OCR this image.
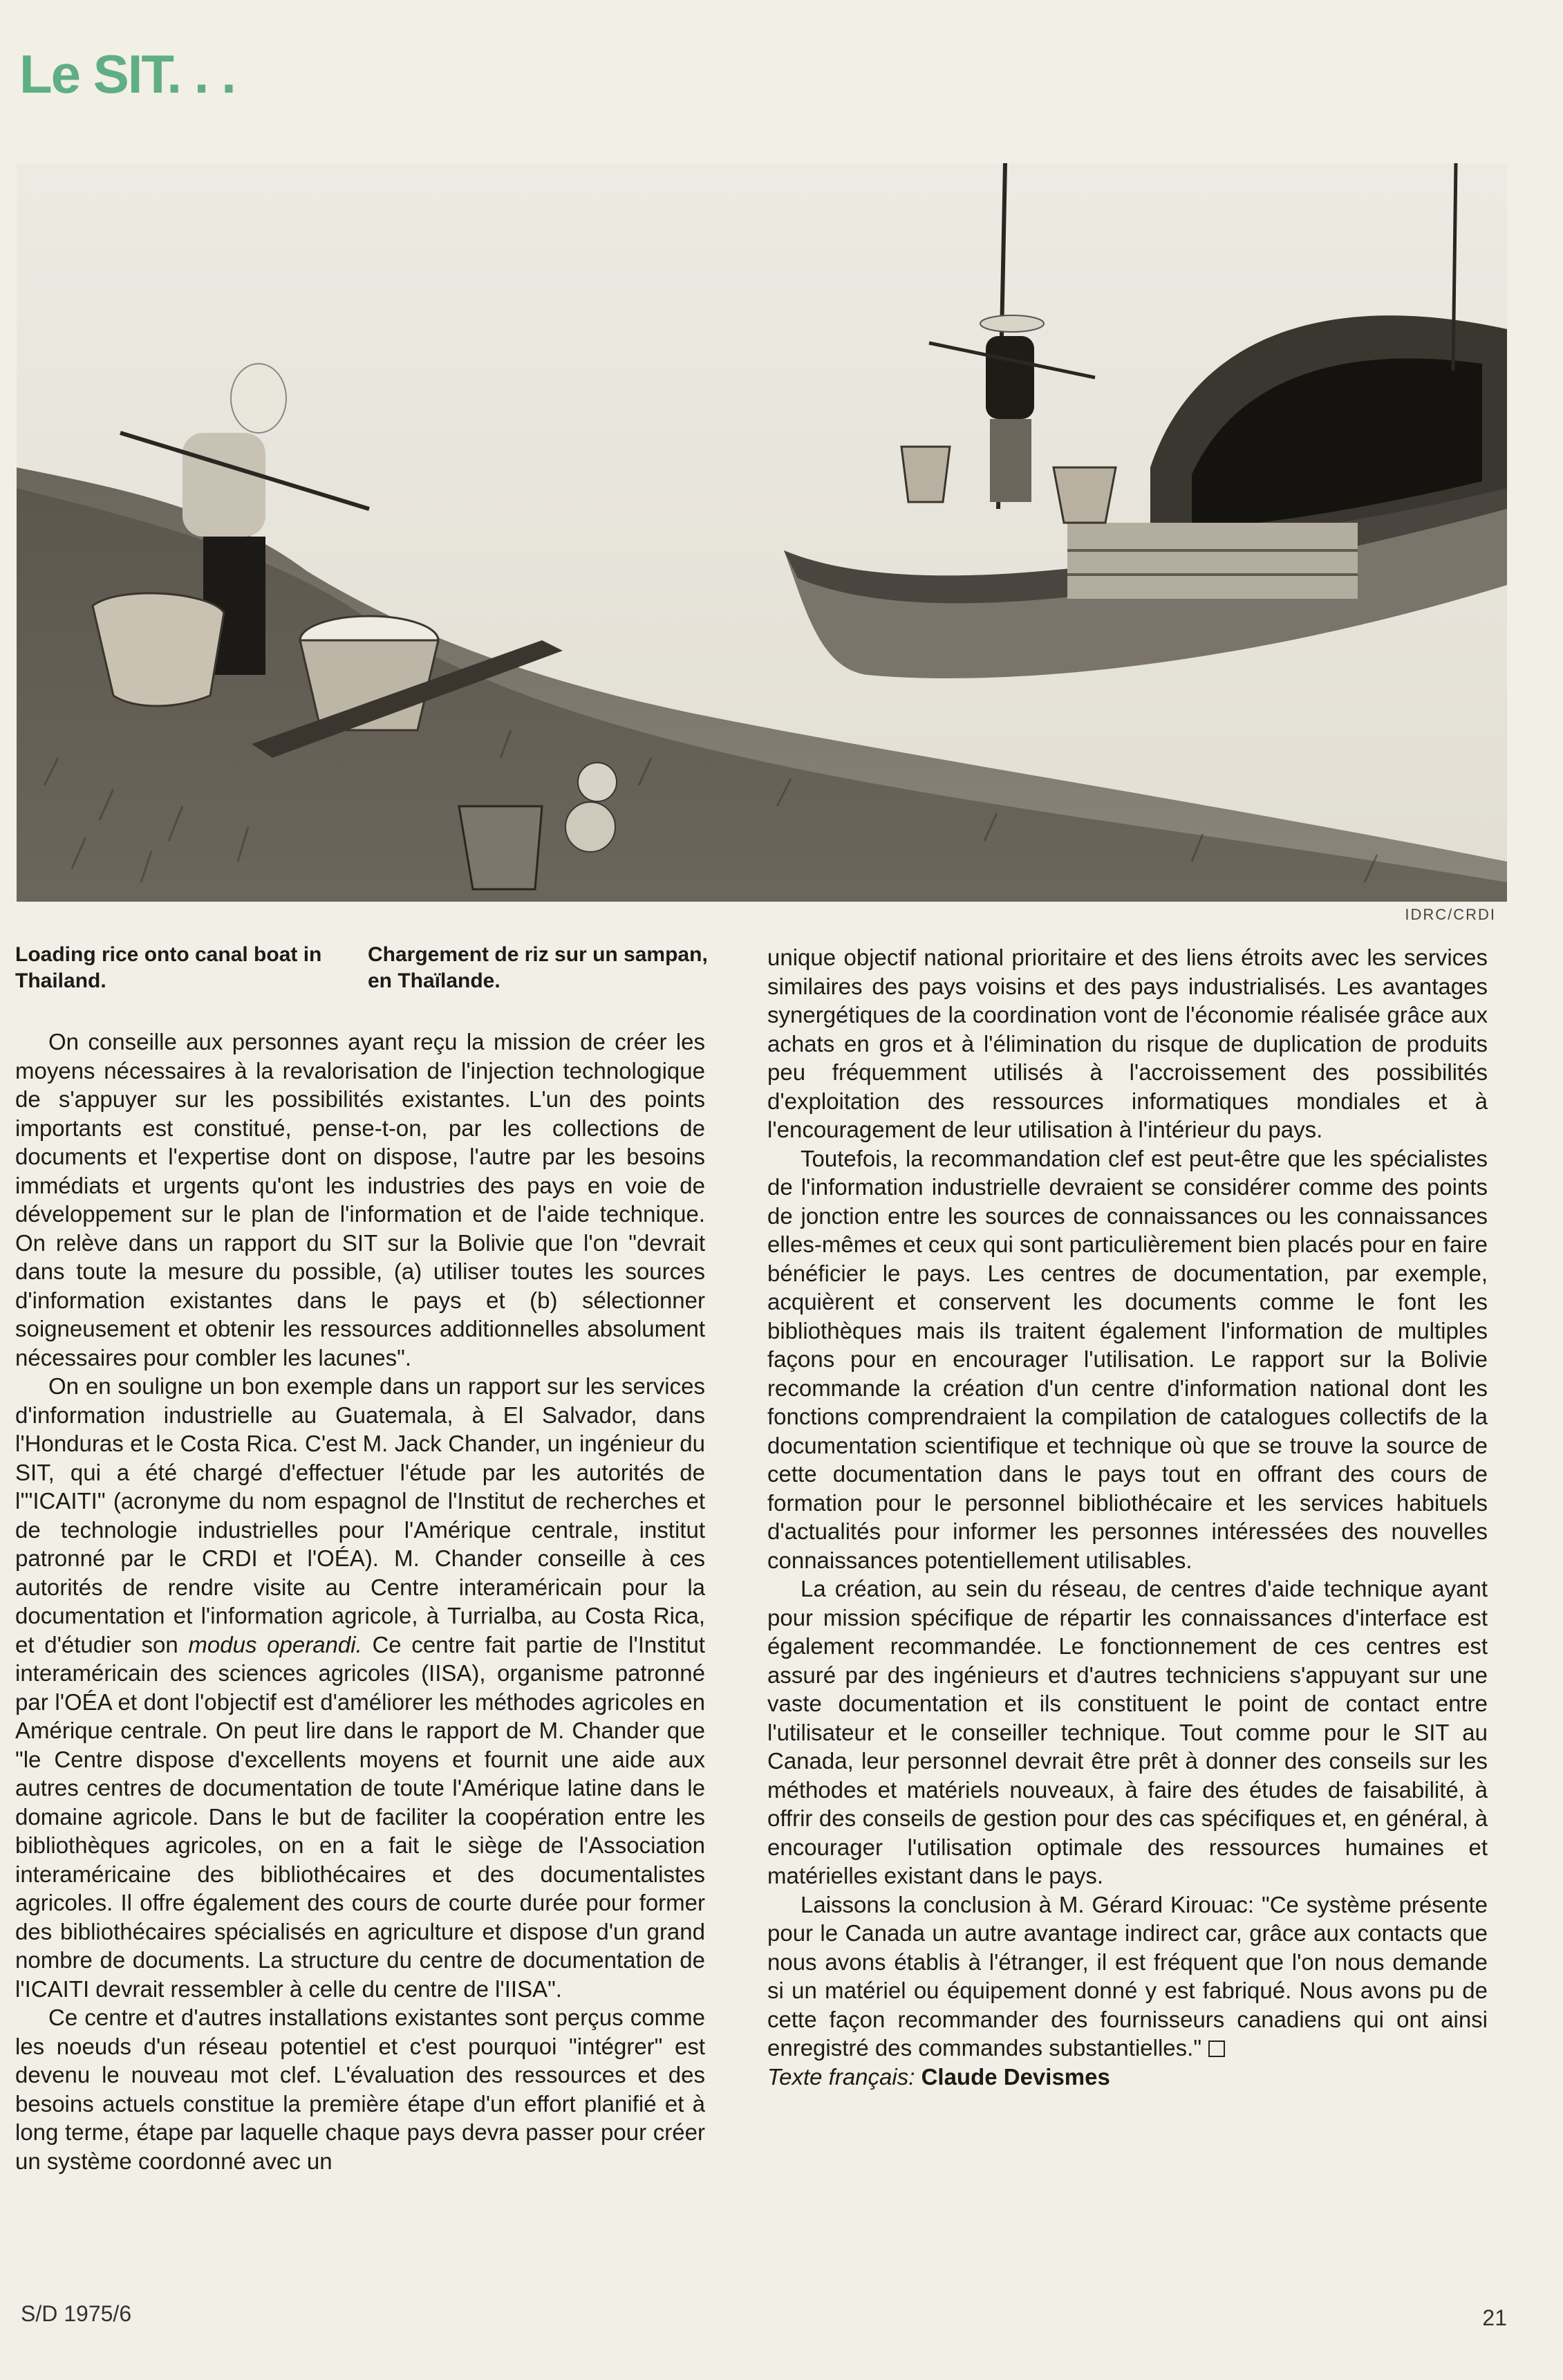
Le SIT. . .
IDRC/CRDI
Loading rice onto canal boat in Thailand.
Chargement de riz sur un sampan, en Thaïlande.

On conseille aux personnes ayant reçu la mission de créer les moyens nécessaires à la revalorisation de l'injection technologique de s'appuyer sur les possibilités existantes. L'un des points importants est constitué, pense-t-on, par les collections de documents et l'expertise dont on dispose, l'autre par les besoins immédiats et urgents qu'ont les industries des pays en voie de développement sur le plan de l'information et de l'aide technique. On relève dans un rapport du SIT sur la Bolivie que l'on "devrait dans toute la mesure du possible, (a) utiliser toutes les sources d'information existantes dans le pays et (b) sélectionner soigneusement et obtenir les ressources additionnelles absolument nécessaires pour combler les lacunes".

On en souligne un bon exemple dans un rapport sur les services d'information industrielle au Guatemala, à El Salvador, dans l'Honduras et le Costa Rica. C'est M. Jack Chander, un ingénieur du SIT, qui a été chargé d'effectuer l'étude par les autorités de l'"ICAITI" (acronyme du nom espagnol de l'Institut de recherches et de technologie industrielles pour l'Amérique centrale, institut patronné par le CRDI et l'OÉA). M. Chander conseille à ces autorités de rendre visite au Centre interaméricain pour la documentation et l'information agricole, à Turrialba, au Costa Rica, et d'étudier son modus operandi. Ce centre fait partie de l'Institut interaméricain des sciences agricoles (IISA), organisme patronné par l'OÉA et dont l'objectif est d'améliorer les méthodes agricoles en Amérique centrale. On peut lire dans le rapport de M. Chander que "le Centre dispose d'excellents moyens et fournit une aide aux autres centres de documentation de toute l'Amérique latine dans le domaine agricole. Dans le but de faciliter la coopération entre les bibliothèques agricoles, on en a fait le siège de l'Association interaméricaine des bibliothécaires et des documentalistes agricoles. Il offre également des cours de courte durée pour former des bibliothécaires spécialisés en agriculture et dispose d'un grand nombre de documents. La structure du centre de documentation de l'ICAITI devrait ressembler à celle du centre de l'IISA".

Ce centre et d'autres installations existantes sont perçus comme les noeuds d'un réseau potentiel et c'est pourquoi "intégrer" est devenu le nouveau mot clef. L'évaluation des ressources et des besoins actuels constitue la première étape d'un effort planifié et à long terme, étape par laquelle chaque pays devra passer pour créer un système coordonné avec un

unique objectif national prioritaire et des liens étroits avec les services similaires des pays voisins et des pays industrialisés. Les avantages synergétiques de la coordination vont de l'économie réalisée grâce aux achats en gros et à l'élimination du risque de duplication de produits peu fréquemment utilisés à l'accroissement des possibilités d'exploitation des ressources informatiques mondiales et à l'encouragement de leur utilisation à l'intérieur du pays.

Toutefois, la recommandation clef est peut-être que les spécialistes de l'information industrielle devraient se considérer comme des points de jonction entre les sources de connaissances ou les connaissances elles-mêmes et ceux qui sont particulièrement bien placés pour en faire bénéficier le pays. Les centres de documentation, par exemple, acquièrent et conservent les documents comme le font les bibliothèques mais ils traitent également l'information de multiples façons pour en encourager l'utilisation. Le rapport sur la Bolivie recommande la création d'un centre d'information national dont les fonctions comprendraient la compilation de catalogues collectifs de la documentation scientifique et technique où que se trouve la source de cette documentation dans le pays tout en offrant des cours de formation pour le personnel bibliothécaire et les services habituels d'actualités pour informer les personnes intéressées des nouvelles connaissances potentiellement utilisables.

La création, au sein du réseau, de centres d'aide technique ayant pour mission spécifique de répartir les connaissances d'interface est également recommandée. Le fonctionnement de ces centres est assuré par des ingénieurs et d'autres techniciens s'appuyant sur une vaste documentation et ils constituent le point de contact entre l'utilisateur et le conseiller technique. Tout comme pour le SIT au Canada, leur personnel devrait être prêt à donner des conseils sur les méthodes et matériels nouveaux, à faire des études de faisabilité, à offrir des conseils de gestion pour des cas spécifiques et, en général, à encourager l'utilisation optimale des ressources humaines et matérielles existant dans le pays.

Laissons la conclusion à M. Gérard Kirouac: "Ce système présente pour le Canada un autre avantage indirect car, grâce aux contacts que nous avons établis à l'étranger, il est fréquent que l'on nous demande si un matériel ou équipement donné y est fabriqué. Nous avons pu de cette façon recommander des fournisseurs canadiens qui ont ainsi enregistré des commandes substantielles."

Texte français: Claude Devismes

S/D 1975/6	21
